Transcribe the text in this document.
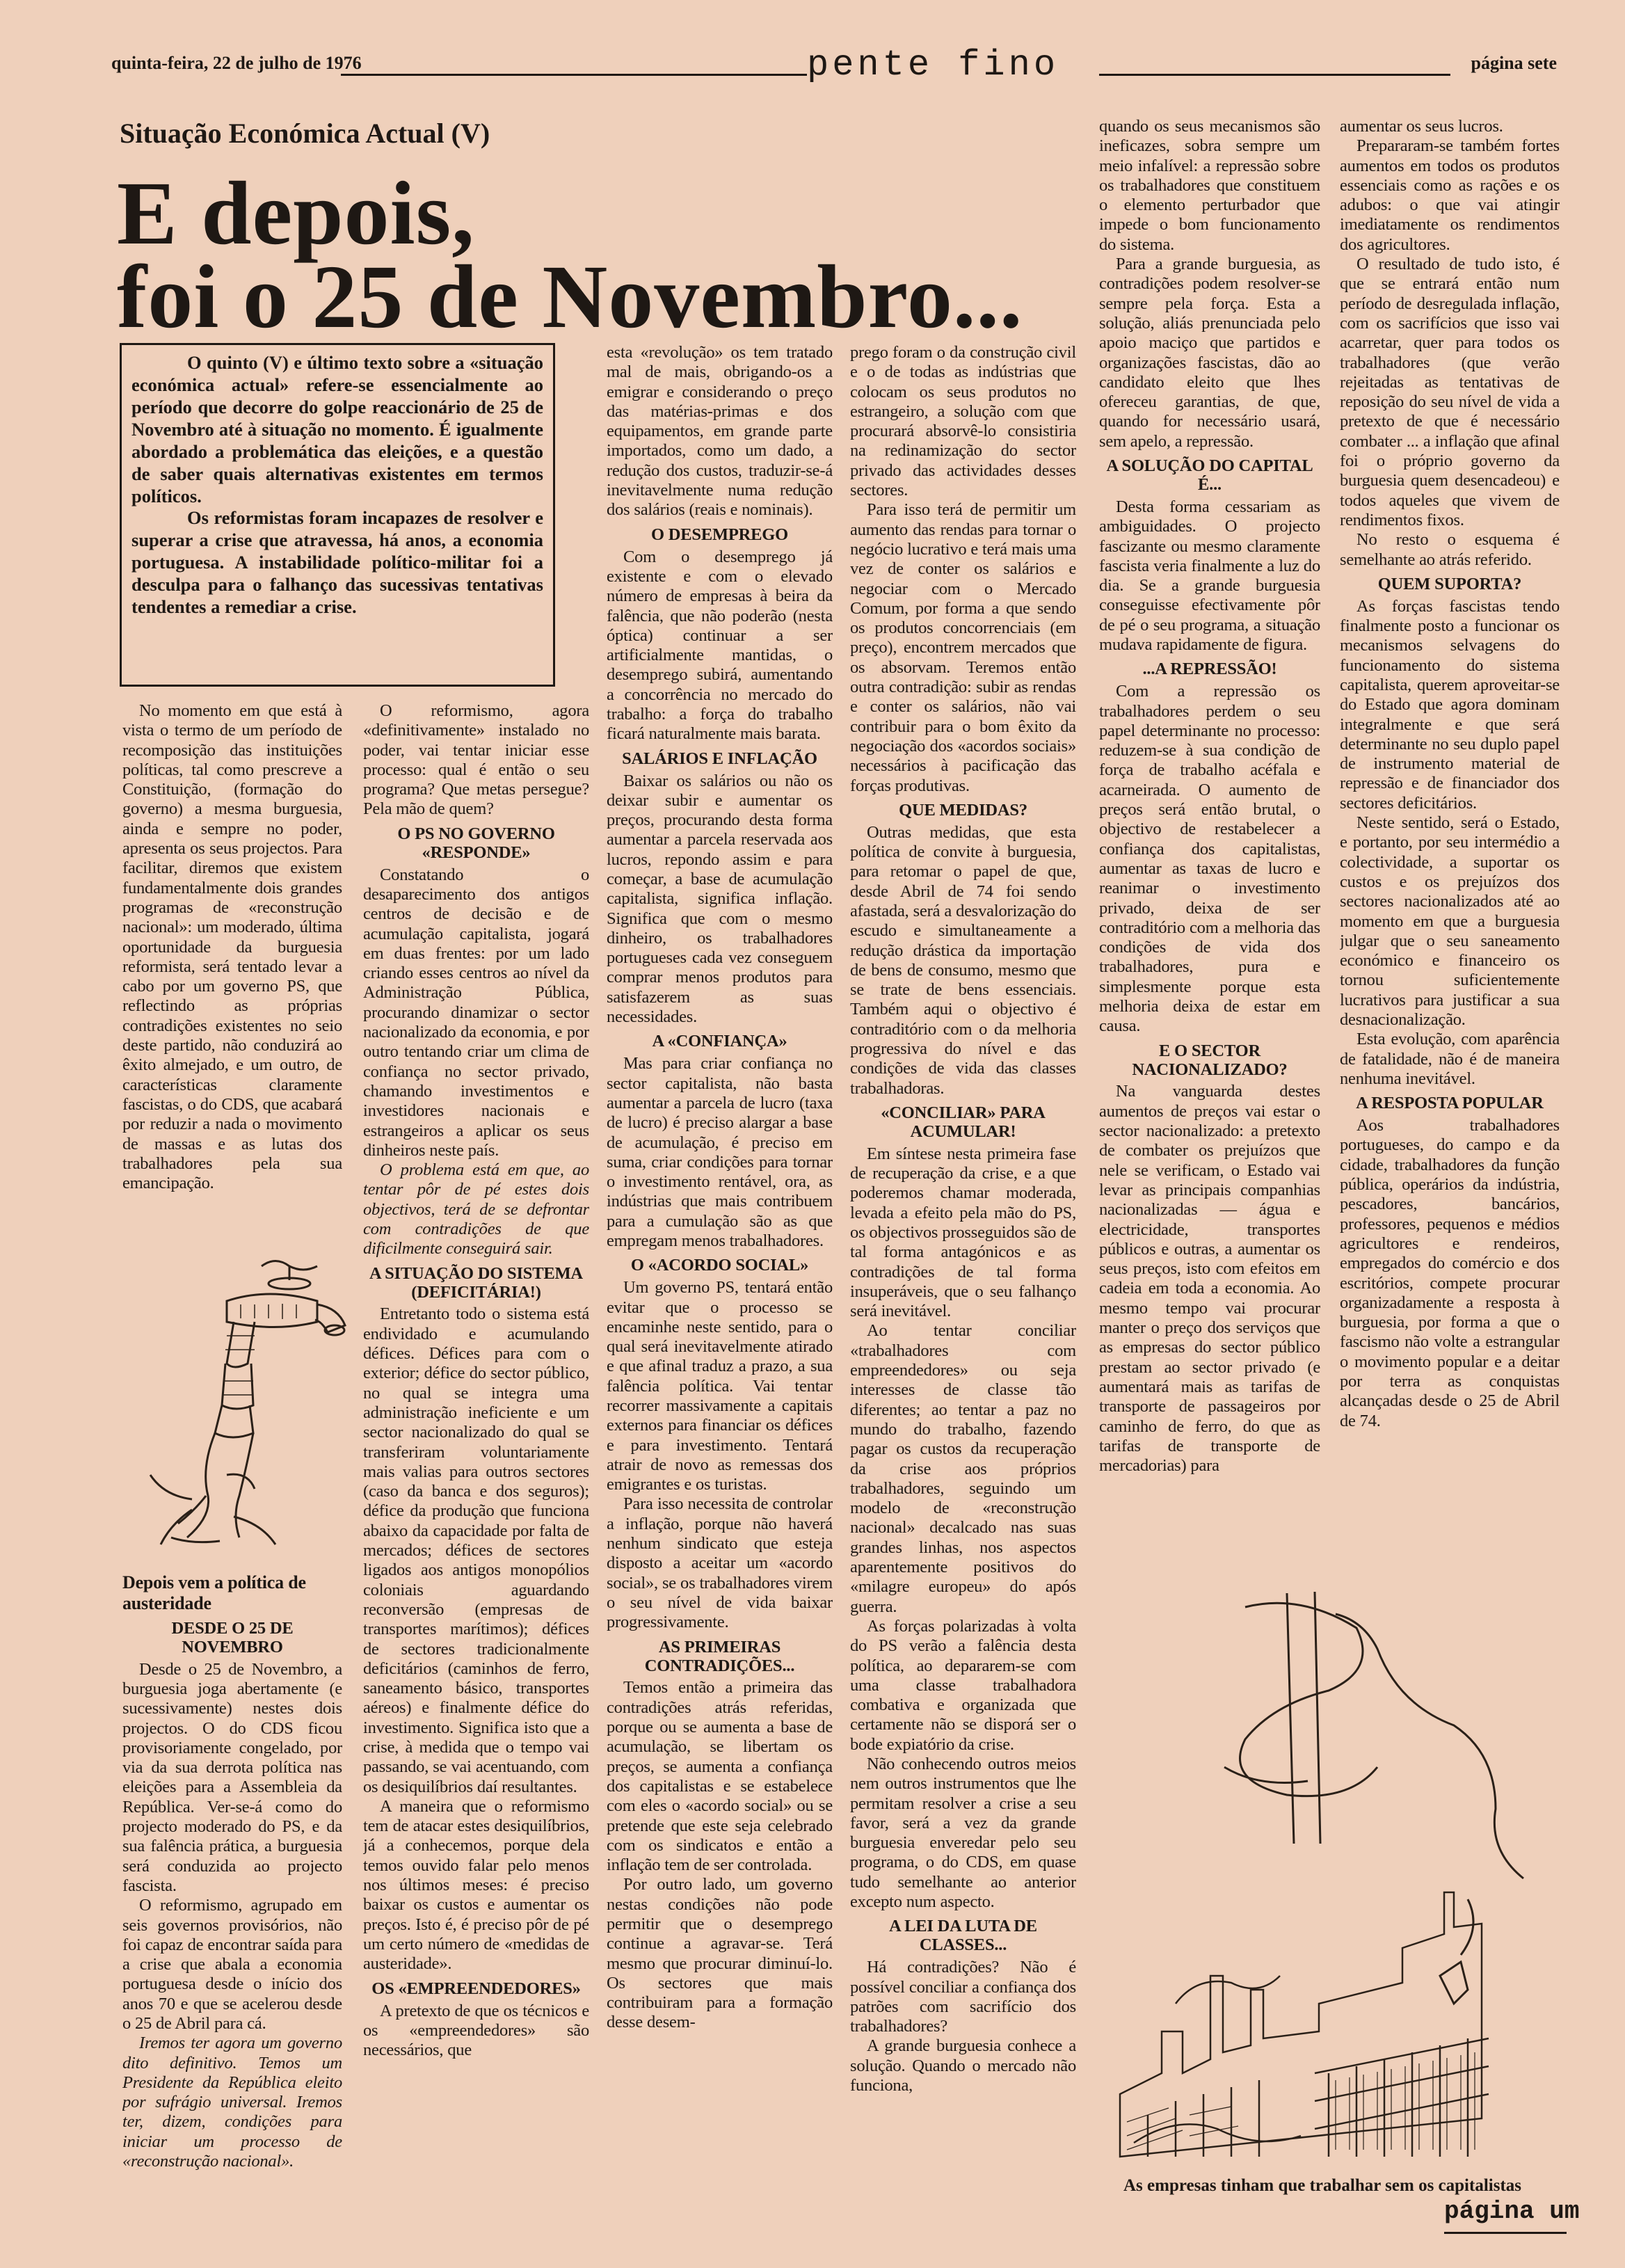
quinta-feira, 22 de julho de 1976	pente fino	página sete
Situação Económica Actual (V)
E depois,
foi o 25 de Novembro...

O quinto (V) e último texto sobre a «situação económica actual» refere-se essencialmente ao período que decorre do golpe reaccionário de 25 de Novembro até à situação no momento. É igualmente abordado a problemática das eleições, e a questão de saber quais alternativas existentes em termos políticos.

Os reformistas foram incapazes de resolver e superar a crise que atravessa, há anos, a economia portuguesa. A instabilidade político-militar foi a desculpa para o falhanço das sucessivas tentativas tendentes a remediar a crise.

No momento em que está à vista o termo de um período de recomposição das instituições políticas, tal como prescreve a Constituição, (formação do governo) a mesma burguesia, ainda e sempre no poder, apresenta os seus projectos. Para facilitar, diremos que existem fundamentalmente dois grandes programas de «reconstrução nacional»: um moderado, última oportunidade da burguesia reformista, será tentado levar a cabo por um governo PS, que reflectindo as próprias contradições existentes no seio deste partido, não conduzirá ao êxito almejado, e um outro, de características claramente fascistas, o do CDS, que acabará por reduzir a nada o movimento de massas e as lutas dos trabalhadores pela sua emancipação.

Depois vem a política de austeridade
DESDE O 25 DE NOVEMBRO

Desde o 25 de Novembro, a burguesia joga abertamente (e sucessivamente) nestes dois projectos. O do CDS ficou provisoriamente congelado, por via da sua derrota política nas eleições para a Assembleia da República. Ver-se-á como do projecto moderado do PS, e da sua falência prática, a burguesia será conduzida ao projecto fascista.

O reformismo, agrupado em seis governos provisórios, não foi capaz de encontrar saída para a crise que abala a economia portuguesa desde o início dos anos 70 e que se acelerou desde o 25 de Abril para cá.

Iremos ter agora um governo dito definitivo. Temos um Presidente da República eleito por sufrágio universal. Iremos ter, dizem, condições para iniciar um processo de «reconstrução nacional».

O reformismo, agora «definitivamente» instalado no poder, vai tentar iniciar esse processo: qual é então o seu programa? Que metas persegue? Pela mão de quem?

O PS NO GOVERNO «RESPONDE»

Constatando o desaparecimento dos antigos centros de decisão e de acumulação capitalista, jogará em duas frentes: por um lado criando esses centros ao nível da Administração Pública, procurando dinamizar o sector nacionalizado da economia, e por outro tentando criar um clima de confiança no sector privado, chamando investimentos e investidores nacionais e estrangeiros a aplicar os seus dinheiros neste país.

O problema está em que, ao tentar pôr de pé estes dois objectivos, terá de se defrontar com contradições de que dificilmente conseguirá sair.

A SITUAÇÃO DO SISTEMA (DEFICITÁRIA!)

Entretanto todo o sistema está endividado e acumulando défices. Défices para com o exterior; défice do sector público, no qual se integra uma administração ineficiente e um sector nacionalizado do qual se transferiram voluntariamente mais valias para outros sectores (caso da banca e dos seguros); défice da produção que funciona abaixo da capacidade por falta de mercados; défices de sectores ligados aos antigos monopólios coloniais aguardando reconversão (empresas de transportes marítimos); défices de sectores tradicionalmente deficitários (caminhos de ferro, saneamento básico, transportes aéreos) e finalmente défice do investimento. Significa isto que a crise, à medida que o tempo vai passando, se vai acentuando, com os desiquilíbrios daí resultantes.

A maneira que o reformismo tem de atacar estes desiquilíbrios, já a conhecemos, porque dela temos ouvido falar pelo menos nos últimos meses: é preciso baixar os custos e aumentar os preços. Isto é, é preciso pôr de pé um certo número de «medidas de austeridade».

OS «EMPREENDEDORES»

A pretexto de que os técnicos e os «empreendedores» são necessários, que

esta «revolução» os tem tratado mal de mais, obrigando-os a emigrar e considerando o preço das matérias-primas e dos equipamentos, em grande parte importados, como um dado, a redução dos custos, traduzir-se-á inevitavelmente numa redução dos salários (reais e nominais).

O DESEMPREGO

Com o desemprego já existente e com o elevado número de empresas à beira da falência, que não poderão (nesta óptica) continuar a ser artificialmente mantidas, o desemprego subirá, aumentando a concorrência no mercado do trabalho: a força do trabalho ficará naturalmente mais barata.

SALÁRIOS E INFLAÇÃO

Baixar os salários ou não os deixar subir e aumentar os preços, procurando desta forma aumentar a parcela reservada aos lucros, repondo assim e para começar, a base de acumulação capitalista, significa inflação. Significa que com o mesmo dinheiro, os trabalhadores portugueses cada vez conseguem comprar menos produtos para satisfazerem as suas necessidades.

A «CONFIANÇA»

Mas para criar confiança no sector capitalista, não basta aumentar a parcela de lucro (taxa de lucro) é preciso alargar a base de acumulação, é preciso em suma, criar condições para tornar o investimento rentável, ora, as indústrias que mais contribuem para a cumulação são as que empregam menos trabalhadores.

O «ACORDO SOCIAL»

Um governo PS, tentará então evitar que o processo se encaminhe neste sentido, para o qual será inevitavelmente atirado e que afinal traduz a prazo, a sua falência política. Vai tentar recorrer massivamente a capitais externos para financiar os défices e para investimento. Tentará atrair de novo as remessas dos emigrantes e os turistas.

Para isso necessita de controlar a inflação, porque não haverá nenhum sindicato que esteja disposto a aceitar um «acordo social», se os trabalhadores virem o seu nível de vida baixar progressivamente.

AS PRIMEIRAS CONTRADIÇÕES...

Temos então a primeira das contradições atrás referidas, porque ou se aumenta a base de acumulação, se libertam os preços, se aumenta a confiança dos capitalistas e se estabelece com eles o «acordo social» ou se pretende que este seja celebrado com os sindicatos e então a inflação tem de ser controlada.

Por outro lado, um governo nestas condições não pode permitir que o desemprego continue a agravar-se. Terá mesmo que procurar diminuí-lo. Os sectores que mais contribuiram para a formação desse desem-

prego foram o da construção civil e o de todas as indústrias que colocam os seus produtos no estrangeiro, a solução com que procurará absorvê-lo consistiria na redinamização do sector privado das actividades desses sectores.

Para isso terá de permitir um aumento das rendas para tornar o negócio lucrativo e terá mais uma vez de conter os salários e negociar com o Mercado Comum, por forma a que sendo os produtos concorrenciais (em preço), encontrem mercados que os absorvam. Teremos então outra contradição: subir as rendas e conter os salários, não vai contribuir para o bom êxito da negociação dos «acordos sociais» necessários à pacificação das forças produtivas.

QUE MEDIDAS?

Outras medidas, que esta política de convite à burguesia, para retomar o papel de que, desde Abril de 74 foi sendo afastada, será a desvalorização do escudo e simultaneamente a redução drástica da importação de bens de consumo, mesmo que se trate de bens essenciais. Também aqui o objectivo é contraditório com o da melhoria progressiva do nível e das condições de vida das classes trabalhadoras.

«CONCILIAR» PARA ACUMULAR!

Em síntese nesta primeira fase de recuperação da crise, e a que poderemos chamar moderada, levada a efeito pela mão do PS, os objectivos prosseguidos são de tal forma antagónicos e as contradições de tal forma insuperáveis, que o seu falhanço será inevitável.

Ao tentar conciliar «trabalhadores com empreendedores» ou seja interesses de classe tão diferentes; ao tentar a paz no mundo do trabalho, fazendo pagar os custos da recuperação da crise aos próprios trabalhadores, seguindo um modelo de «reconstrução nacional» decalcado nas suas grandes linhas, nos aspectos aparentemente positivos do «milagre europeu» do após guerra.

As forças polarizadas à volta do PS verão a falência desta política, ao depararem-se com uma classe trabalhadora combativa e organizada que certamente não se disporá ser o bode expiatório da crise.

Não conhecendo outros meios nem outros instrumentos que lhe permitam resolver a crise a seu favor, será a vez da grande burguesia enveredar pelo seu programa, o do CDS, em quase tudo semelhante ao anterior excepto num aspecto.

A LEI DA LUTA DE CLASSES...

Há contradições? Não é possível conciliar a confiança dos patrões com sacrifício dos trabalhadores?

A grande burguesia conhece a solução. Quando o mercado não funciona,

quando os seus mecanismos são ineficazes, sobra sempre um meio infalível: a repressão sobre os trabalhadores que constituem o elemento perturbador que impede o bom funcionamento do sistema.

Para a grande burguesia, as contradições podem resolver-se sempre pela força. Esta a solução, aliás prenunciada pelo apoio maciço que partidos e organizações fascistas, dão ao candidato eleito que lhes ofereceu garantias, de que, quando for necessário usará, sem apelo, a repressão.

A SOLUÇÃO DO CAPITAL É...

Desta forma cessariam as ambiguidades. O projecto fascizante ou mesmo claramente fascista veria finalmente a luz do dia. Se a grande burguesia conseguisse efectivamente pôr de pé o seu programa, a situação mudava rapidamente de figura.

...A REPRESSÃO!

Com a repressão os trabalhadores perdem o seu papel determinante no processo: reduzem-se à sua condição de força de trabalho acéfala e acarneirada. O aumento de preços será então brutal, o objectivo de restabelecer a confiança dos capitalistas, aumentar as taxas de lucro e reanimar o investimento privado, deixa de ser contraditório com a melhoria das condições de vida dos trabalhadores, pura e simplesmente porque esta melhoria deixa de estar em causa.

E O SECTOR NACIONALIZADO?

Na vanguarda destes aumentos de preços vai estar o sector nacionalizado: a pretexto de combater os prejuízos que nele se verificam, o Estado vai levar as principais companhias nacionalizadas — água e electricidade, transportes públicos e outras, a aumentar os seus preços, isto com efeitos em cadeia em toda a economia. Ao mesmo tempo vai procurar manter o preço dos serviços que as empresas do sector público prestam ao sector privado (e aumentará mais as tarifas de transporte de passageiros por caminho de ferro, do que as tarifas de transporte de mercadorias) para

aumentar os seus lucros.

Prepararam-se também fortes aumentos em todos os produtos essenciais como as rações e os adubos: o que vai atingir imediatamente os rendimentos dos agricultores.

O resultado de tudo isto, é que se entrará então num período de desregulada inflação, com os sacrifícios que isso vai acarretar, quer para todos os trabalhadores (que verão rejeitadas as tentativas de reposição do seu nível de vida a pretexto de que é necessário combater ... a inflação que afinal foi o próprio governo da burguesia quem desencadeou) e todos aqueles que vivem de rendimentos fixos.

No resto o esquema é semelhante ao atrás referido.

QUEM SUPORTA?

As forças fascistas tendo finalmente posto a funcionar os mecanismos selvagens do funcionamento do sistema capitalista, querem aproveitar-se do Estado que agora dominam integralmente e que será determinante no seu duplo papel de instrumento material de repressão e de financiador dos sectores deficitários.

Neste sentido, será o Estado, e portanto, por seu intermédio a colectividade, a suportar os custos e os prejuízos dos sectores nacionalizados até ao momento em que a burguesia julgar que o seu saneamento económico e financeiro os tornou suficientemente lucrativos para justificar a sua desnacionalização.

Esta evolução, com aparência de fatalidade, não é de maneira nenhuma inevitável.

A RESPOSTA POPULAR

Aos trabalhadores portugueses, do campo e da cidade, trabalhadores da função pública, operários da indústria, pescadores, bancários, professores, pequenos e médios agricultores e rendeiros, empregados do comércio e dos escritórios, compete procurar organizadamente a resposta à burguesia, por forma a que o fascismo não volte a estrangular o movimento popular e a deitar por terra as conquistas alcançadas desde o 25 de Abril de 74.

As empresas tinham que trabalhar sem os capitalistas
página um
